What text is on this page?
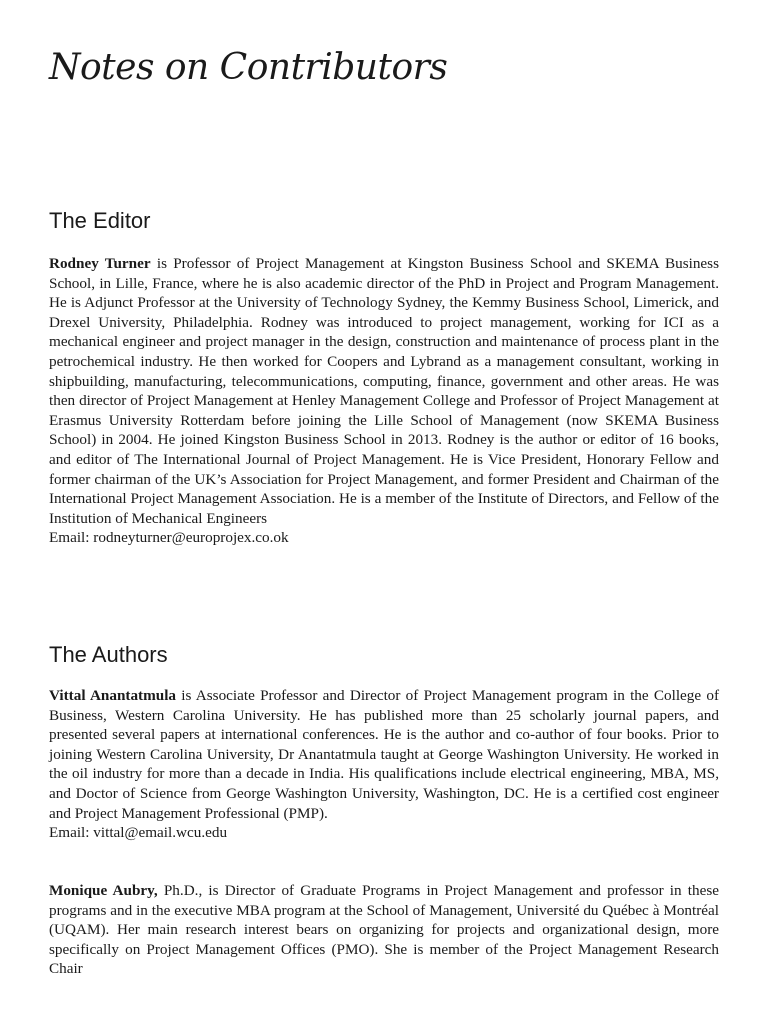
Notes on Contributors
The Editor

Rodney Turner is Professor of Project Management at Kingston Business School and SKEMA Business School, in Lille, France, where he is also academic director of the PhD in Project and Program Management. He is Adjunct Professor at the University of Technology Sydney, the Kemmy Business School, Limerick, and Drexel University, Philadelphia. Rodney was introduced to project management, working for ICI as a mechanical engineer and project manager in the design, construction and maintenance of process plant in the petrochemical industry. He then worked for Coopers and Lybrand as a management consultant, working in shipbuilding, manufacturing, telecommunications, computing, finance, government and other areas. He was then director of Project Management at Henley Management College and Professor of Project Management at Erasmus University Rotterdam before joining the Lille School of Management (now SKEMA Business School) in 2004. He joined Kingston Business School in 2013. Rodney is the author or editor of 16 books, and editor of The International Journal of Project Management. He is Vice President, Honorary Fellow and former chairman of the UK’s Association for Project Management, and former President and Chairman of the International Project Management Association. He is a member of the Institute of Directors, and Fellow of the Institution of Mechanical Engineers
Email: rodneyturner@europrojex.co.ok

The Authors

Vittal Anantatmula is Associate Professor and Director of Project Management program in the College of Business, Western Carolina University. He has published more than 25 scholarly journal papers, and presented several papers at international conferences. He is the author and co-author of four books. Prior to joining Western Carolina University, Dr Anantatmula taught at George Washington University. He worked in the oil industry for more than a decade in India. His qualifications include electrical engineering, MBA, MS, and Doctor of Science from George Washington University, Washington, DC. He is a certified cost engineer and Project Management Professional (PMP).
Email: vittal@email.wcu.edu

Monique Aubry, Ph.D., is Director of Graduate Programs in Project Management and professor in these programs and in the executive MBA program at the School of Management, Université du Québec à Montréal (UQAM). Her main research interest bears on organizing for projects and organizational design, more specifically on Project Management Offices (PMO). She is member of the Project Management Research Chair
